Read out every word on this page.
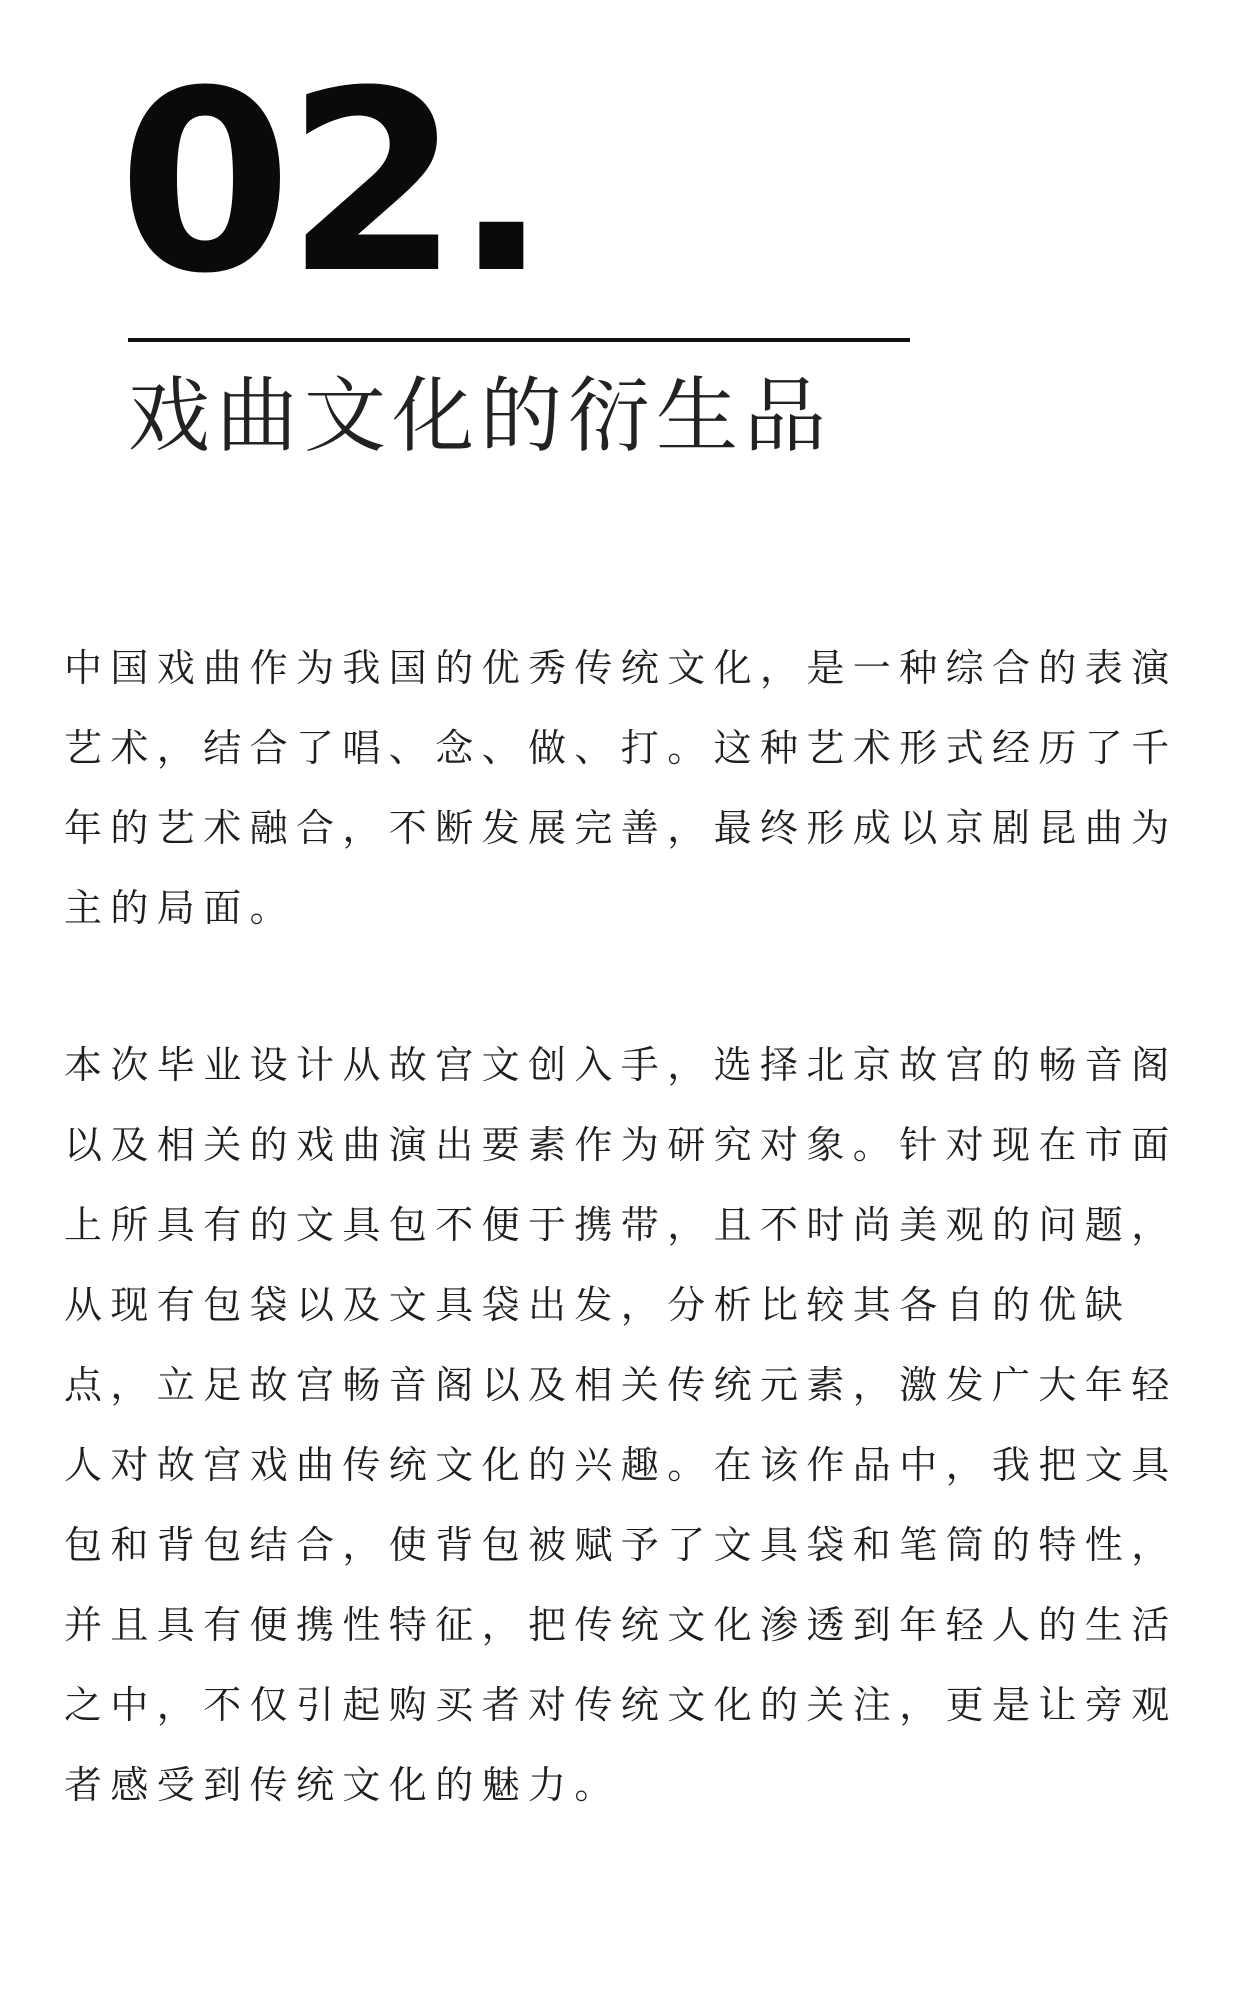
02.
戏曲文化的衍生品
中国戏曲作为我国的优秀传统文化，是一种综合的表演
艺术，结合了唱、念、做、打。这种艺术形式经历了千
年的艺术融合，不断发展完善，最终形成以京剧昆曲为
主的局面。
本次毕业设计从故宫文创入手，选择北京故宫的畅音阁
以及相关的戏曲演出要素作为研究对象。针对现在市面
上所具有的文具包不便于携带，且不时尚美观的问题，
从现有包袋以及文具袋出发，分析比较其各自的优缺
点，立足故宫畅音阁以及相关传统元素，激发广大年轻
人对故宫戏曲传统文化的兴趣。在该作品中，我把文具
包和背包结合，使背包被赋予了文具袋和笔筒的特性，
并且具有便携性特征，把传统文化渗透到年轻人的生活
之中，不仅引起购买者对传统文化的关注，更是让旁观
者感受到传统文化的魅力。
